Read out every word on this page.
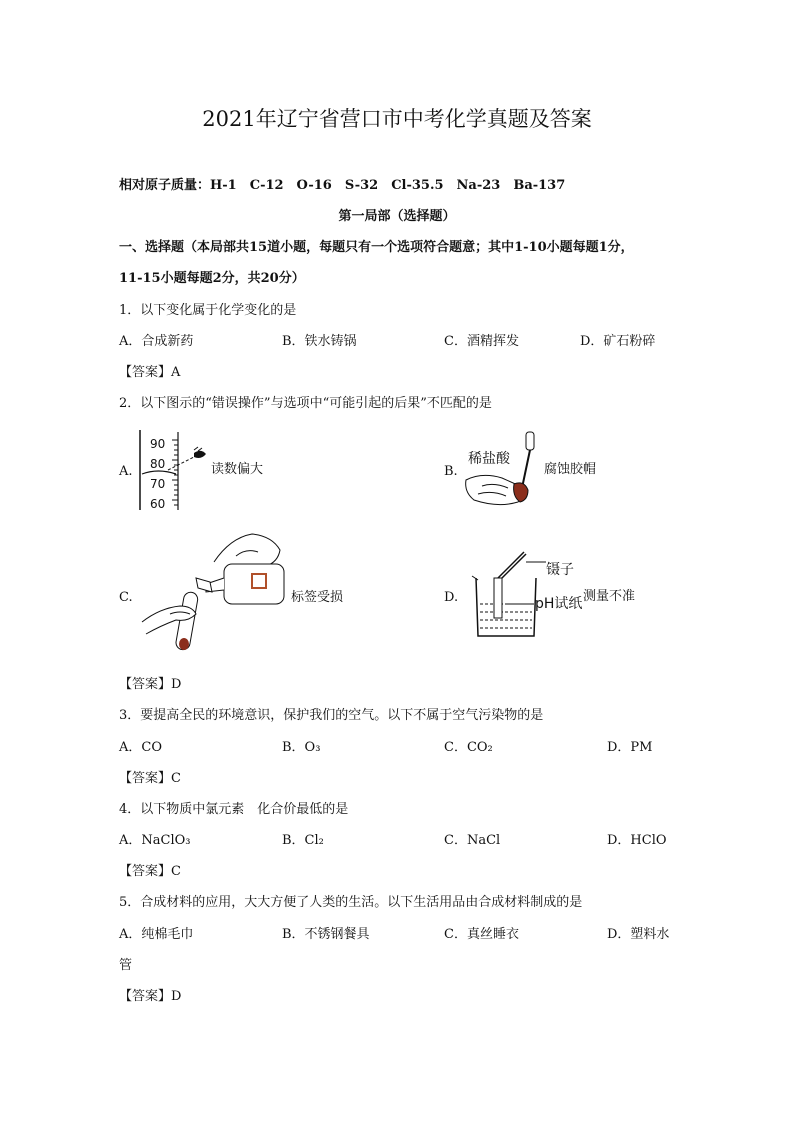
2021年辽宁省营口市中考化学真题及答案
相对原子质量：H-1　C-12　O-16　S-32　Cl-35.5　Na-23　Ba-137
第一局部（选择题）
一、选择题（本局部共15道小题，每题只有一个选项符合题意；其中1-10小题每题1分，
11-15小题每题2分，共20分）
1．以下变化属于化学变化的是
A．合成新药	B．铁水铸锅	C．酒精挥发	D．矿石粉碎
【答案】A
2．以下图示的“错误操作”与选项中“可能引起的后果”不匹配的是
A.
90
80
70
60
读数偏大	B.
稀盐酸
腐蚀胶帽
C.	标签受损	D.
镊子
pH试纸 测量不准
【答案】D
3．要提高全民的环境意识，保护我们的空气。以下不属于空气污染物的是
A．CO	B．O₃	C．CO₂	D．PM
【答案】C
4．以下物质中氯元素　化合价最低的是
A．NaClO₃	B．Cl₂	C．NaCl	D．HClO
【答案】C
5．合成材料的应用，大大方便了人类的生活。以下生活用品由合成材料制成的是
A．纯棉毛巾	B．不锈钢餐具	C．真丝睡衣	D．塑料水
管
【答案】D
